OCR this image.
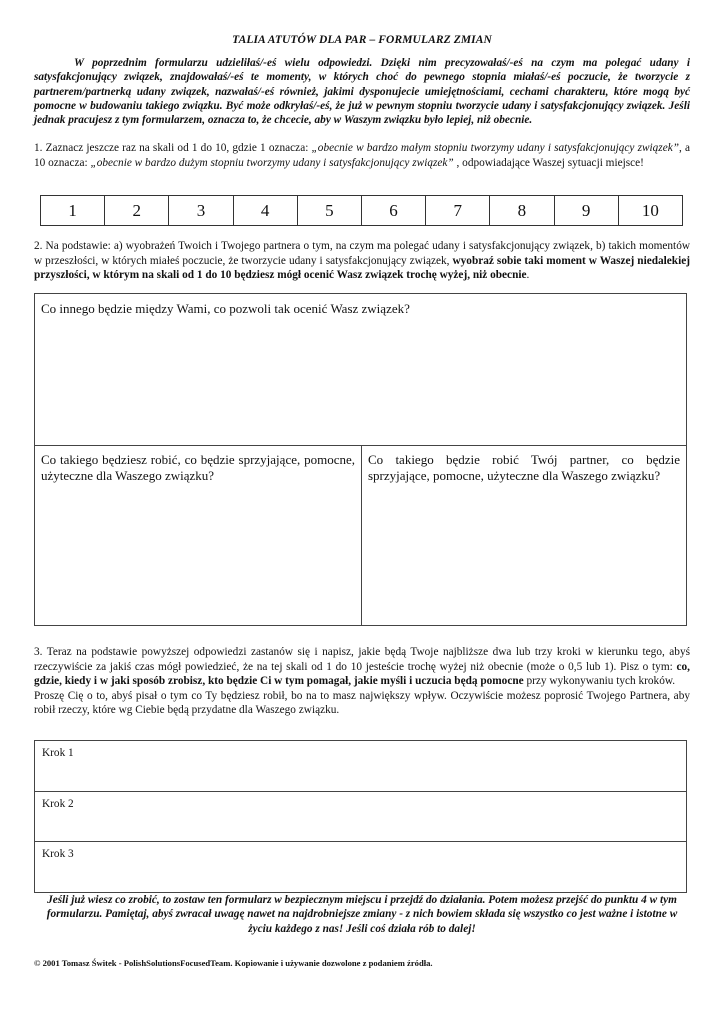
TALIA ATUTÓW DLA PAR – FORMULARZ ZMIAN
W poprzednim formularzu udzieliłaś/-eś wielu odpowiedzi. Dzięki nim precyzowałaś/-eś na czym ma polegać udany i satysfakcjonujący związek, znajdowałaś/-eś te momenty, w których choć do pewnego stopnia miałaś/-eś poczucie, że tworzycie z partnerem/partnerką udany związek, nazwałaś/-eś również, jakimi dysponujecie umiejętnościami, cechami charakteru, które mogą być pomocne w budowaniu takiego związku. Być może odkryłaś/-eś, że już w pewnym stopniu tworzycie udany i satysfakcjonujący związek. Jeśli jednak pracujesz z tym formularzem, oznacza to, że chcecie, aby w Waszym związku było lepiej, niż obecnie.
1. Zaznacz jeszcze raz na skali od 1 do 10, gdzie 1 oznacza: „obecnie w bardzo małym stopniu tworzymy udany i satysfakcjonujący związek”, a 10 oznacza: „obecnie w bardzo dużym stopniu tworzymy udany i satysfakcjonujący związek” , odpowiadające Waszej sytuacji miejsce!
1	2	3	4	5	6	7	8	9	10
2. Na podstawie: a) wyobrażeń Twoich i Twojego partnera o tym, na czym ma polegać udany i satysfakcjonujący związek, b) takich momentów w przeszłości, w których miałeś poczucie, że tworzycie udany i satysfakcjonujący związek, wyobraź sobie taki moment w Waszej niedalekiej przyszłości, w którym na skali od 1 do 10 będziesz mógł ocenić Wasz związek trochę wyżej, niż obecnie.
Co innego będzie między Wami, co pozwoli tak ocenić Wasz związek?
Co takiego będziesz robić, co będzie sprzyjające, pomocne, użyteczne dla Waszego związku?
Co takiego będzie robić Twój partner, co będzie sprzyjające, pomocne, użyteczne dla Waszego związku?
3. Teraz na podstawie powyższej odpowiedzi zastanów się i napisz, jakie będą Twoje najbliższe dwa lub trzy kroki w kierunku tego, abyś rzeczywiście za jakiś czas mógł powiedzieć, że na tej skali od 1 do 10 jesteście trochę wyżej niż obecnie (może o 0,5 lub 1). Pisz o tym: co, gdzie, kiedy i w jaki sposób zrobisz, kto będzie Ci w tym pomagał, jakie myśli i uczucia będą pomocne przy wykonywaniu tych kroków.
Proszę Cię o to, abyś pisał o tym co Ty będziesz robił, bo na to masz największy wpływ. Oczywiście możesz poprosić Twojego Partnera, aby robił rzeczy, które wg Ciebie będą przydatne dla Waszego związku.
Krok 1
Krok 2
Krok 3
Jeśli już wiesz co zrobić, to zostaw ten formularz w bezpiecznym miejscu i przejdź do działania. Potem możesz przejść do punktu 4 w tym formularzu. Pamiętaj, abyś zwracał uwagę nawet na najdrobniejsze zmiany - z nich bowiem składa się wszystko co jest ważne i istotne w życiu każdego z nas! Jeśli coś działa rób to dalej!
© 2001 Tomasz Świtek - PolishSolutionsFocusedTeam. Kopiowanie i używanie dozwolone z podaniem źródła.
